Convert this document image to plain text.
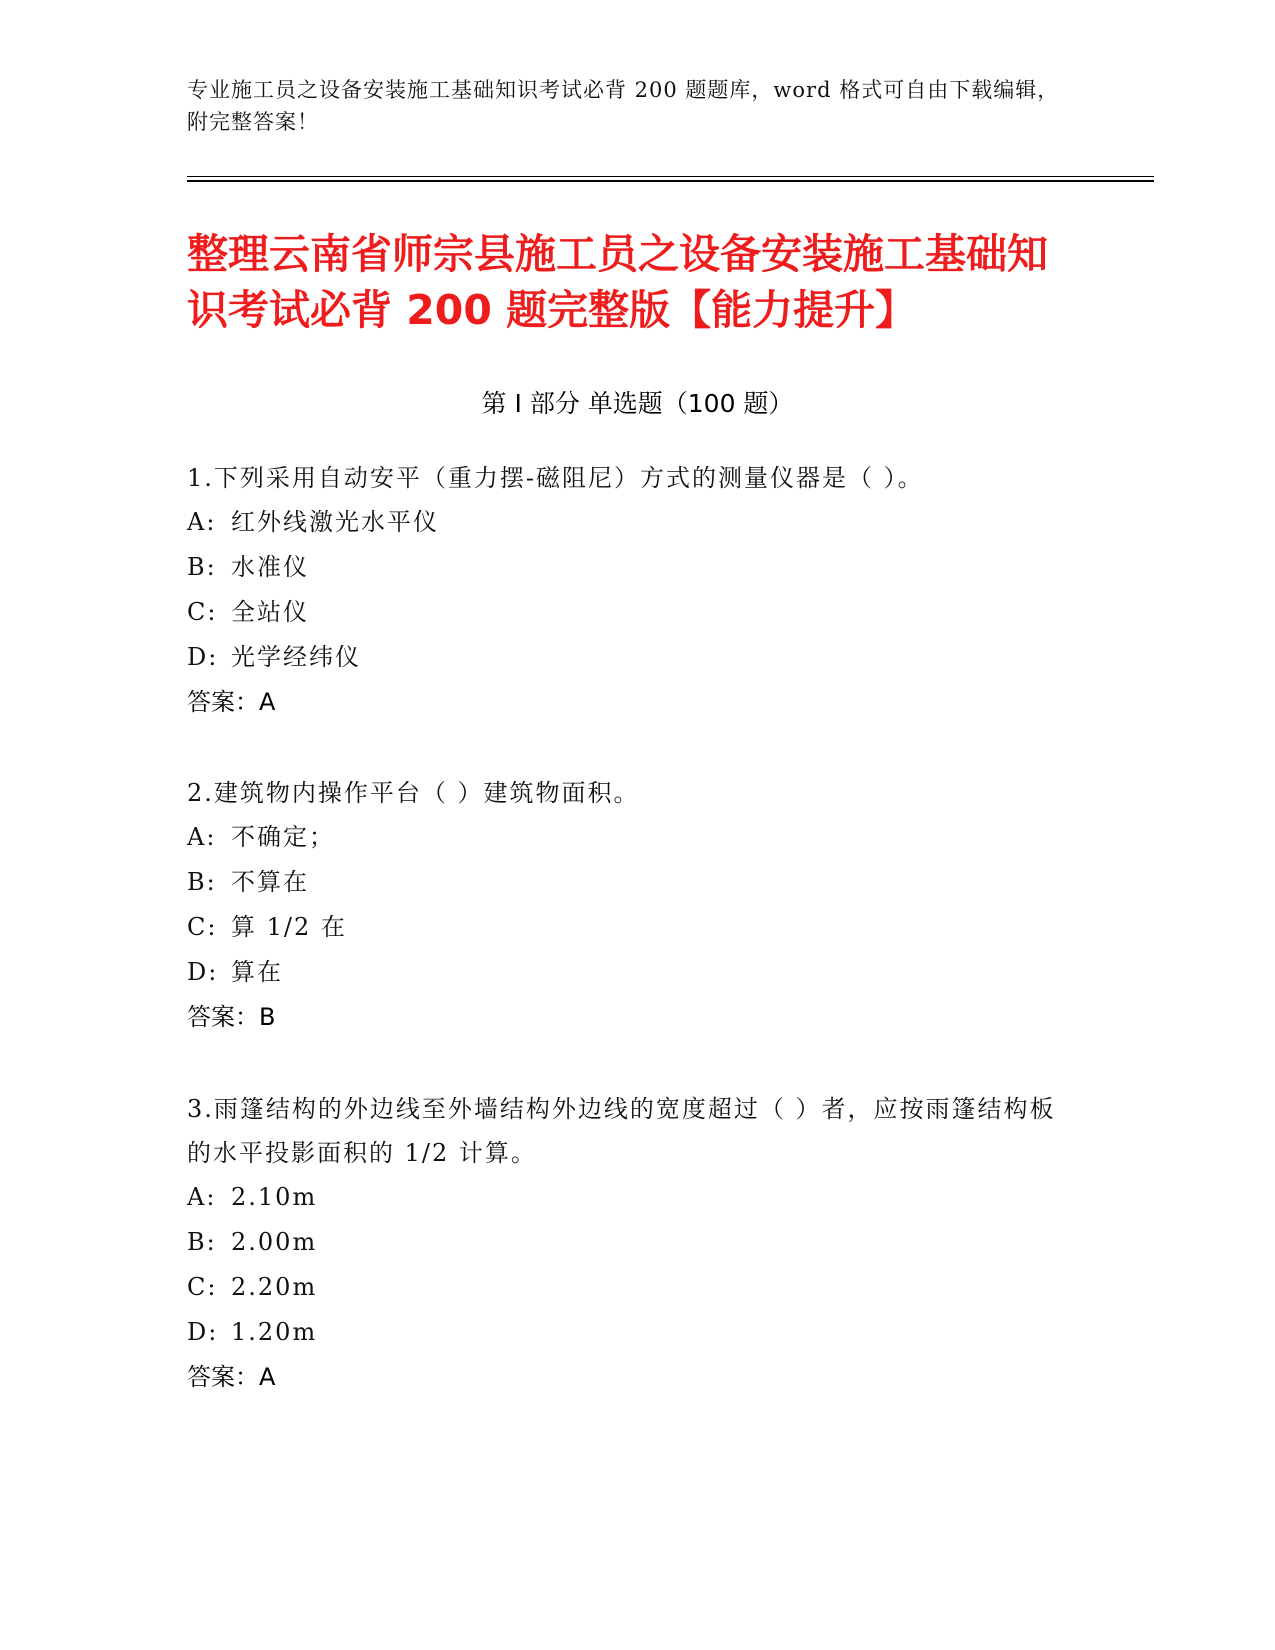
专业施工员之设备安装施工基础知识考试必背 200 题题库，word 格式可自由下载编辑，附完整答案！
整理云南省师宗县施工员之设备安装施工基础知识考试必背 200 题完整版【能力提升】
第 I 部分 单选题（100 题）

1.下列采用自动安平（重力摆-磁阻尼）方式的测量仪器是（ ）。

A: 红外线激光水平仪

B: 水准仪

C: 全站仪

D: 光学经纬仪

答案：A

2.建筑物内操作平台（ ）建筑物面积。

A: 不确定；

B: 不算在

C: 算 1/2 在

D: 算在

答案：B

3.雨篷结构的外边线至外墙结构外边线的宽度超过（ ）者，应按雨篷结构板的水平投影面积的 1/2 计算。

A: 2.10m

B: 2.00m

C: 2.20m

D: 1.20m

答案：A
